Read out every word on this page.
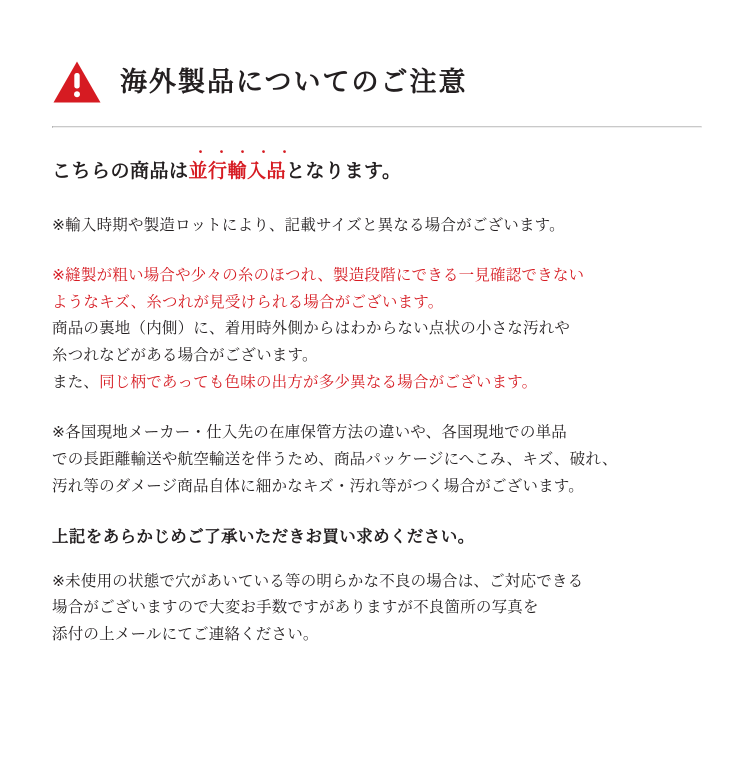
海外製品についてのご注意
こちらの商品は
・・・・・
並行輸入品となります。
※輸入時期や製造ロットにより、記載サイズと異なる場合がございます。
※縫製が粗い場合や少々の糸のほつれ、製造段階にできる一見確認できない
ようなキズ、糸つれが見受けられる場合がございます。
商品の裏地（内側）に、着用時外側からはわからない点状の小さな汚れや
糸つれなどがある場合がございます。
また、同じ柄であっても色味の出方が多少異なる場合がございます。
※各国現地メーカー・仕入先の在庫保管方法の違いや、各国現地での単品
での長距離輸送や航空輸送を伴うため、商品パッケージにへこみ、キズ、破れ、
汚れ等のダメージ商品自体に細かなキズ・汚れ等がつく場合がございます。
上記をあらかじめご了承いただきお買い求めください。
※未使用の状態で穴があいている等の明らかな不良の場合は、ご対応できる
場合がございますので大変お手数ですがありますが不良箇所の写真を
添付の上メールにてご連絡ください。
